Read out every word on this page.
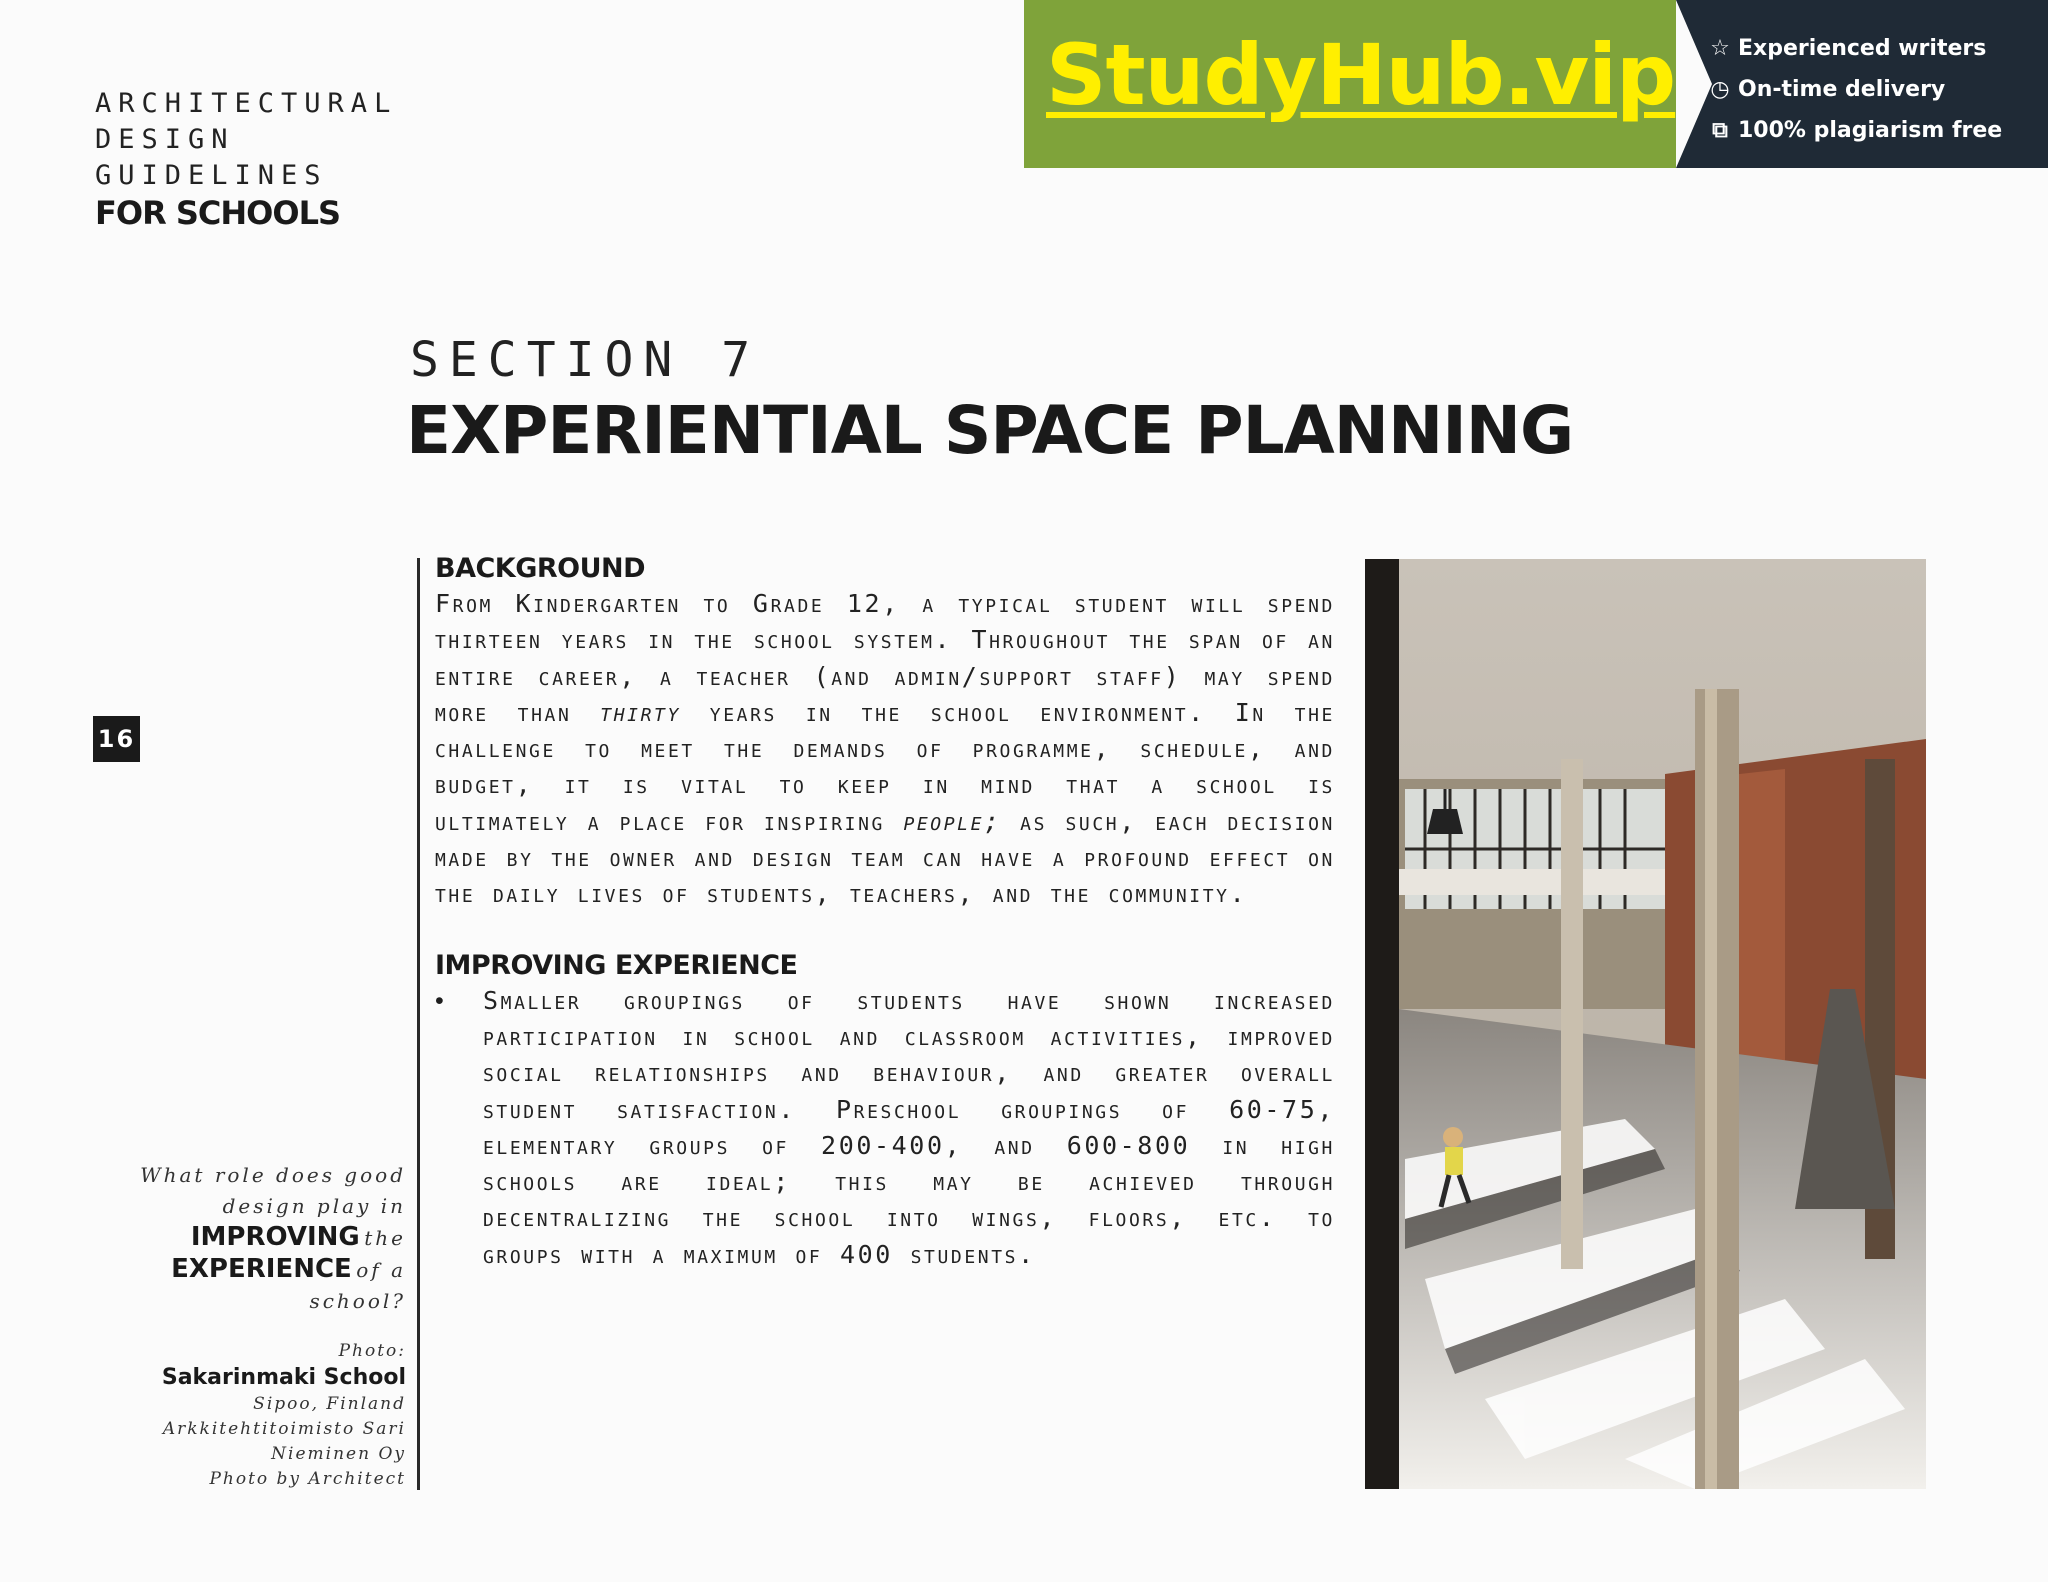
StudyHub.vip ☆ Experienced writers
◷ On-time delivery
⧉ 100% plagiarism free
ARCHITECTURAL
DESIGN GUIDELINES
FOR SCHOOLS
SECTION 7
EXPERIENTIAL SPACE PLANNING
16
What role does good
design play in
IMPROVING the
EXPERIENCE of a
school?
Photo:
Sakarinmaki School
Sipoo, Finland
Arkkitehtitoimisto Sari
Nieminen Oy
Photo by Architect
BACKGROUND
From Kindergarten to Grade 12, a typical student will spend thirteen years in the school system. Throughout the span of an entire career, a teacher (and admin/support staff) may spend more than thirty years in the school environment. In the challenge to meet the demands of programme, schedule, and budget, it is vital to keep in mind that a school is ultimately a place for inspiring people; as such, each decision made by the owner and design team can have a profound effect on the daily lives of students, teachers, and the community.
IMPROVING EXPERIENCE
•	Smaller groupings of students have shown increased participation in school and classroom activities, improved social relationships and behaviour, and greater overall student satisfaction. Preschool groupings of 60-75, elementary groups of 200-400, and 600-800 in high schools are ideal; this may be achieved through decentralizing the school into wings, floors, etc. to groups with a maximum of 400 students.
